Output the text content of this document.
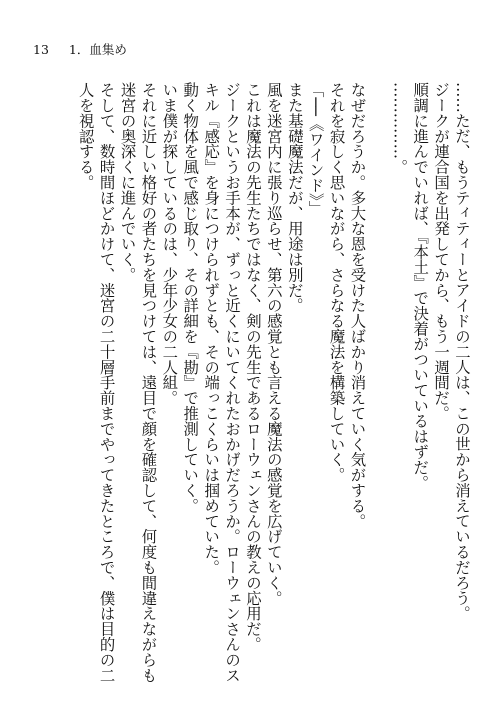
13 1．血集め

……ただ、もうティティーとアイドの二人は、この世から消えているだろう。

ジークが連合国を出発してから、もう一週間だ。

順調に進んでいれば、『本土』で決着がついているはずだ。

……………。

なぜだろうか。多大な恩を受けた人ばかり消えていく気がする。

それを寂しく思いながら、さらなる魔法を構築していく。

「──《ワインド》」

また基礎魔法だが、用途は別だ。

風を迷宮内に張り巡らせ、第六の感覚とも言える魔法の感覚を広げていく。

これは魔法の先生たちではなく、剣の先生であるローウェンさんの教えの応用だ。

ジークというお手本が、ずっと近くにいてくれたおかげだろうか。ローウェンさんのス

キル『感応』を身につけられずとも、その端っこくらいは掴めていた。

動く物体を風で感じ取り、その詳細を『勘』で推測していく。

いま僕が探しているのは、少年少女の二人組。

それに近しい格好の者たちを見つけては、遠目で顔を確認して、何度も間違えながらも

迷宮の奥深くに進んでいく。

そして、数時間ほどかけて、迷宮の二十層手前までやってきたところで、僕は目的の二

人を視認する。
